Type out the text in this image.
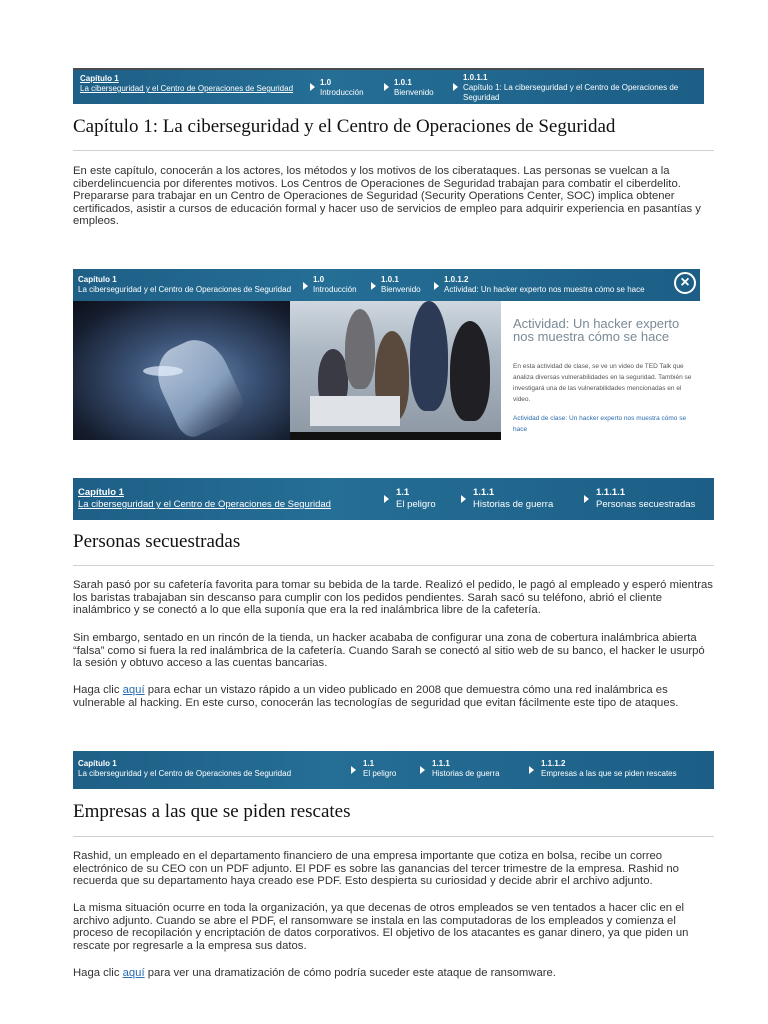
Capítulo 1
La ciberseguridad y el Centro de Operaciones de Seguridad
1.0
Introducción
1.0.1
Bienvenido
1.0.1.1
Capítulo 1: La ciberseguridad y el Centro de Operaciones de Seguridad
Capítulo 1: La ciberseguridad y el Centro de Operaciones de Seguridad

En este capítulo, conocerán a los actores, los métodos y los motivos de los ciberataques. Las personas se vuelcan a la ciberdelincuencia por diferentes motivos. Los Centros de Operaciones de Seguridad trabajan para combatir el ciberdelito. Prepararse para trabajar en un Centro de Operaciones de Seguridad (Security Operations Center, SOC) implica obtener certificados, asistir a cursos de educación formal y hacer uso de servicios de empleo para adquirir experiencia en pasantías y empleos.

Capítulo 1
La ciberseguridad y el Centro de Operaciones de Seguridad
1.0
Introducción
1.0.1
Bienvenido
1.0.1.2
Actividad: Un hacker experto nos muestra cómo se hace	×
Actividad: Un hacker experto nos muestra cómo se hace
En esta actividad de clase, se ve un video de TED Talk que analiza diversas vulnerabilidades en la seguridad. También se investigará una de las vulnerabilidades mencionadas en el video.
Actividad de clase: Un hacker experto nos muestra cómo se hace
Capítulo 1
La ciberseguridad y el Centro de Operaciones de Seguridad
1.1
El peligro
1.1.1
Historias de guerra
1.1.1.1
Personas secuestradas
Personas secuestradas

Sarah pasó por su cafetería favorita para tomar su bebida de la tarde. Realizó el pedido, le pagó al empleado y esperó mientras los baristas trabajaban sin descanso para cumplir con los pedidos pendientes. Sarah sacó su teléfono, abrió el cliente inalámbrico y se conectó a lo que ella suponía que era la red inalámbrica libre de la cafetería.

Sin embargo, sentado en un rincón de la tienda, un hacker acababa de configurar una zona de cobertura inalámbrica abierta “falsa” como si fuera la red inalámbrica de la cafetería. Cuando Sarah se conectó al sitio web de su banco, el hacker le usurpó la sesión y obtuvo acceso a las cuentas bancarias.

Haga clic aquí para echar un vistazo rápido a un video publicado en 2008 que demuestra cómo una red inalámbrica es vulnerable al hacking. En este curso, conocerán las tecnologías de seguridad que evitan fácilmente este tipo de ataques.

Capítulo 1
La ciberseguridad y el Centro de Operaciones de Seguridad
1.1
El peligro
1.1.1
Historias de guerra
1.1.1.2
Empresas a las que se piden rescates
Empresas a las que se piden rescates

Rashid, un empleado en el departamento financiero de una empresa importante que cotiza en bolsa, recibe un correo electrónico de su CEO con un PDF adjunto. El PDF es sobre las ganancias del tercer trimestre de la empresa. Rashid no recuerda que su departamento haya creado ese PDF. Esto despierta su curiosidad y decide abrir el archivo adjunto.

La misma situación ocurre en toda la organización, ya que decenas de otros empleados se ven tentados a hacer clic en el archivo adjunto. Cuando se abre el PDF, el ransomware se instala en las computadoras de los empleados y comienza el proceso de recopilación y encriptación de datos corporativos. El objetivo de los atacantes es ganar dinero, ya que piden un rescate por regresarle a la empresa sus datos.

Haga clic aquí para ver una dramatización de cómo podría suceder este ataque de ransomware.
